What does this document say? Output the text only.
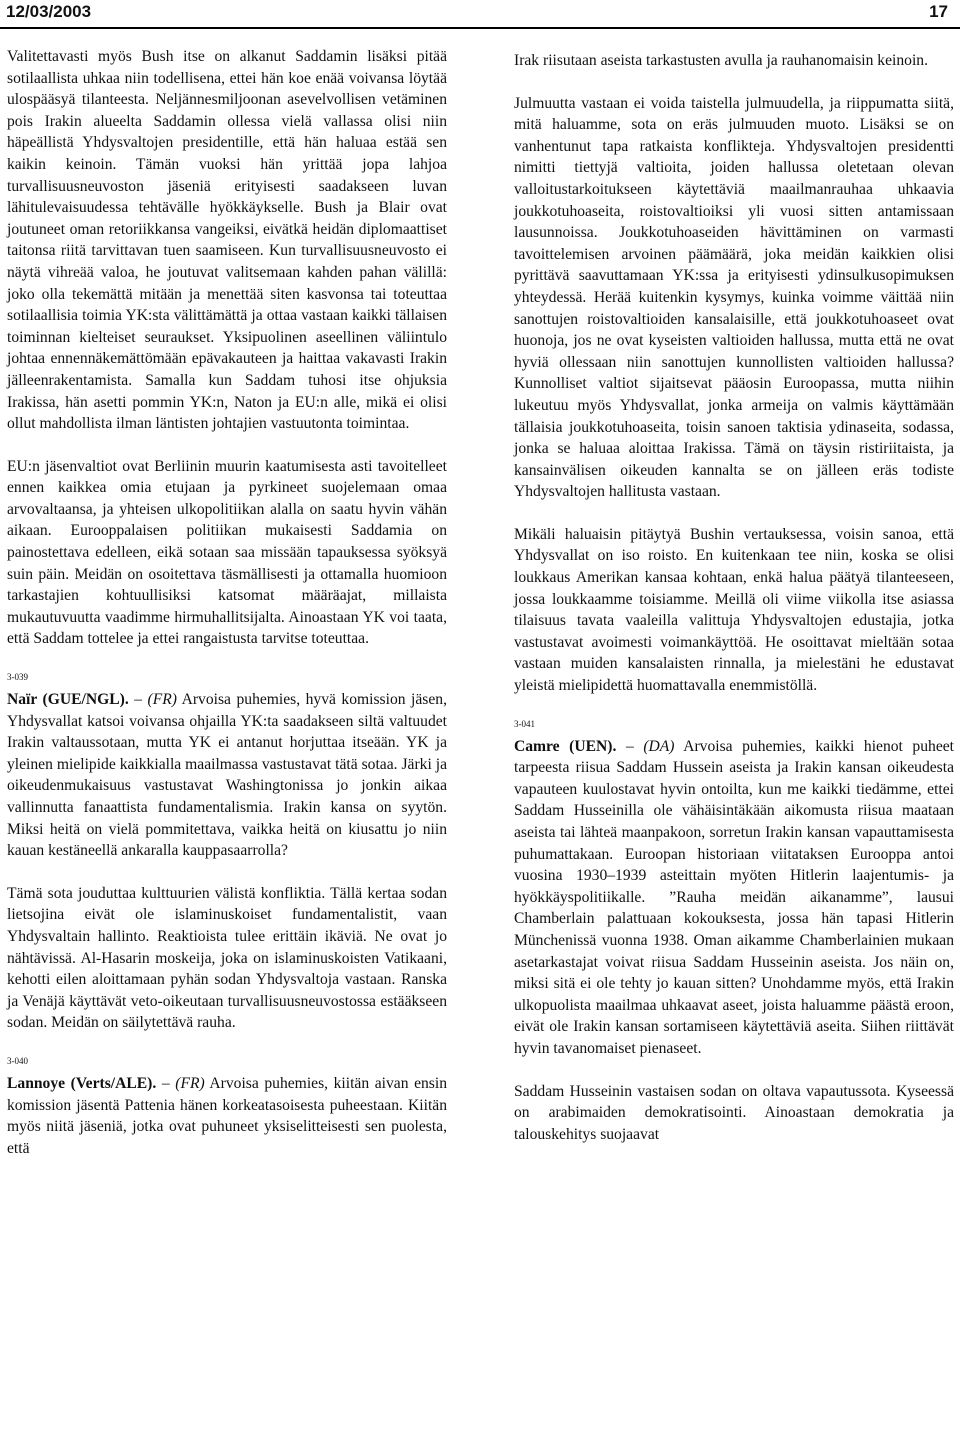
12/03/2003	17

Valitettavasti myös Bush itse on alkanut Saddamin lisäksi pitää sotilaallista uhkaa niin todellisena, ettei hän koe enää voivansa löytää ulospääsyä tilanteesta. Neljännesmiljoonan asevelvollisen vetäminen pois Irakin alueelta Saddamin ollessa vielä vallassa olisi niin häpeällistä Yhdysvaltojen presidentille, että hän haluaa estää sen kaikin keinoin. Tämän vuoksi hän yrittää jopa lahjoa turvallisuusneuvoston jäseniä erityisesti saadakseen luvan lähitulevaisuudessa tehtävälle hyökkäykselle. Bush ja Blair ovat joutuneet oman retoriikkansa vangeiksi, eivätkä heidän diplomaattiset taitonsa riitä tarvittavan tuen saamiseen. Kun turvallisuusneuvosto ei näytä vihreää valoa, he joutuvat valitsemaan kahden pahan välillä: joko olla tekemättä mitään ja menettää siten kasvonsa tai toteuttaa sotilaallisia toimia YK:sta välittämättä ja ottaa vastaan kaikki tällaisen toiminnan kielteiset seuraukset. Yksipuolinen aseellinen väliintulo johtaa ennennäkemättömään epävakauteen ja haittaa vakavasti Irakin jälleenrakentamista. Samalla kun Saddam tuhosi itse ohjuksia Irakissa, hän asetti pommin YK:n, Naton ja EU:n alle, mikä ei olisi ollut mahdollista ilman läntisten johtajien vastuutonta toimintaa.

EU:n jäsenvaltiot ovat Berliinin muurin kaatumisesta asti tavoitelleet ennen kaikkea omia etujaan ja pyrkineet suojelemaan omaa arvovaltaansa, ja yhteisen ulkopolitiikan alalla on saatu hyvin vähän aikaan. Eurooppalaisen politiikan mukaisesti Saddamia on painostettava edelleen, eikä sotaan saa missään tapauksessa syöksyä suin päin. Meidän on osoitettava täsmällisesti ja ottamalla huomioon tarkastajien kohtuullisiksi katsomat määräajat, millaista mukautuvuutta vaadimme hirmuhallitsijalta. Ainoastaan YK voi taata, että Saddam tottelee ja ettei rangaistusta tarvitse toteuttaa.

3-039

Naïr (GUE/NGL). – (FR) Arvoisa puhemies, hyvä komission jäsen, Yhdysvallat katsoi voivansa ohjailla YK:ta saadakseen siltä valtuudet Irakin valtaussotaan, mutta YK ei antanut horjuttaa itseään. YK ja yleinen mielipide kaikkialla maailmassa vastustavat tätä sotaa. Järki ja oikeudenmukaisuus vastustavat Washingtonissa jo jonkin aikaa vallinnutta fanaattista fundamentalismia. Irakin kansa on syytön. Miksi heitä on vielä pommitettava, vaikka heitä on kiusattu jo niin kauan kestäneellä ankaralla kauppasaarrolla?

Tämä sota jouduttaa kulttuurien välistä konfliktia. Tällä kertaa sodan lietsojina eivät ole islaminuskoiset fundamentalistit, vaan Yhdysvaltain hallinto. Reaktioista tulee erittäin ikäviä. Ne ovat jo nähtävissä. Al-Hasarin moskeija, joka on islaminuskoisten Vatikaani, kehotti eilen aloittamaan pyhän sodan Yhdysvaltoja vastaan. Ranska ja Venäjä käyttävät veto-oikeutaan turvallisuusneuvostossa estääkseen sodan. Meidän on säilytettävä rauha.

3-040

Lannoye (Verts/ALE). – (FR) Arvoisa puhemies, kiitän aivan ensin komission jäsentä Pattenia hänen korkeatasoisesta puheestaan. Kiitän myös niitä jäseniä, jotka ovat puhuneet yksiselitteisesti sen puolesta, että

Irak riisutaan aseista tarkastusten avulla ja rauhanomaisin keinoin.

Julmuutta vastaan ei voida taistella julmuudella, ja riippumatta siitä, mitä haluamme, sota on eräs julmuuden muoto. Lisäksi se on vanhentunut tapa ratkaista konflikteja. Yhdysvaltojen presidentti nimitti tiettyjä valtioita, joiden hallussa oletetaan olevan valloitustarkoitukseen käytettäviä maailmanrauhaa uhkaavia joukkotuhoaseita, roistovaltioiksi yli vuosi sitten antamissaan lausunnoissa. Joukkotuhoaseiden hävittäminen on varmasti tavoittelemisen arvoinen päämäärä, joka meidän kaikkien olisi pyrittävä saavuttamaan YK:ssa ja erityisesti ydinsulkusopimuksen yhteydessä. Herää kuitenkin kysymys, kuinka voimme väittää niin sanottujen roistovaltioiden kansalaisille, että joukkotuhoaseet ovat huonoja, jos ne ovat kyseisten valtioiden hallussa, mutta että ne ovat hyviä ollessaan niin sanottujen kunnollisten valtioiden hallussa? Kunnolliset valtiot sijaitsevat pääosin Euroopassa, mutta niihin lukeutuu myös Yhdysvallat, jonka armeija on valmis käyttämään tällaisia joukkotuhoaseita, toisin sanoen taktisia ydinaseita, sodassa, jonka se haluaa aloittaa Irakissa. Tämä on täysin ristiriitaista, ja kansainvälisen oikeuden kannalta se on jälleen eräs todiste Yhdysvaltojen hallitusta vastaan.

Mikäli haluaisin pitäytyä Bushin vertauksessa, voisin sanoa, että Yhdysvallat on iso roisto. En kuitenkaan tee niin, koska se olisi loukkaus Amerikan kansaa kohtaan, enkä halua päätyä tilanteeseen, jossa loukkaamme toisiamme. Meillä oli viime viikolla itse asiassa tilaisuus tavata vaaleilla valittuja Yhdysvaltojen edustajia, jotka vastustavat avoimesti voimankäyttöä. He osoittavat mieltään sotaa vastaan muiden kansalaisten rinnalla, ja mielestäni he edustavat yleistä mielipidettä huomattavalla enemmistöllä.

3-041

Camre (UEN). – (DA) Arvoisa puhemies, kaikki hienot puheet tarpeesta riisua Saddam Hussein aseista ja Irakin kansan oikeudesta vapauteen kuulostavat hyvin ontoilta, kun me kaikki tiedämme, ettei Saddam Husseinilla ole vähäisintäkään aikomusta riisua maataan aseista tai lähteä maanpakoon, sorretun Irakin kansan vapauttamisesta puhumattakaan. Euroopan historiaan viitataksen Eurooppa antoi vuosina 1930–1939 asteittain myöten Hitlerin laajentumis- ja hyökkäyspolitiikalle. ”Rauha meidän aikanamme”, lausui Chamberlain palattuaan kokouksesta, jossa hän tapasi Hitlerin Münchenissä vuonna 1938. Oman aikamme Chamberlainien mukaan asetarkastajat voivat riisua Saddam Husseinin aseista. Jos näin on, miksi sitä ei ole tehty jo kauan sitten? Unohdamme myös, että Irakin ulkopuolista maailmaa uhkaavat aseet, joista haluamme päästä eroon, eivät ole Irakin kansan sortamiseen käytettäviä aseita. Siihen riittävät hyvin tavanomaiset pienaseet.

Saddam Husseinin vastaisen sodan on oltava vapautussota. Kyseessä on arabimaiden demokratisointi. Ainoastaan demokratia ja talouskehitys suojaavat
